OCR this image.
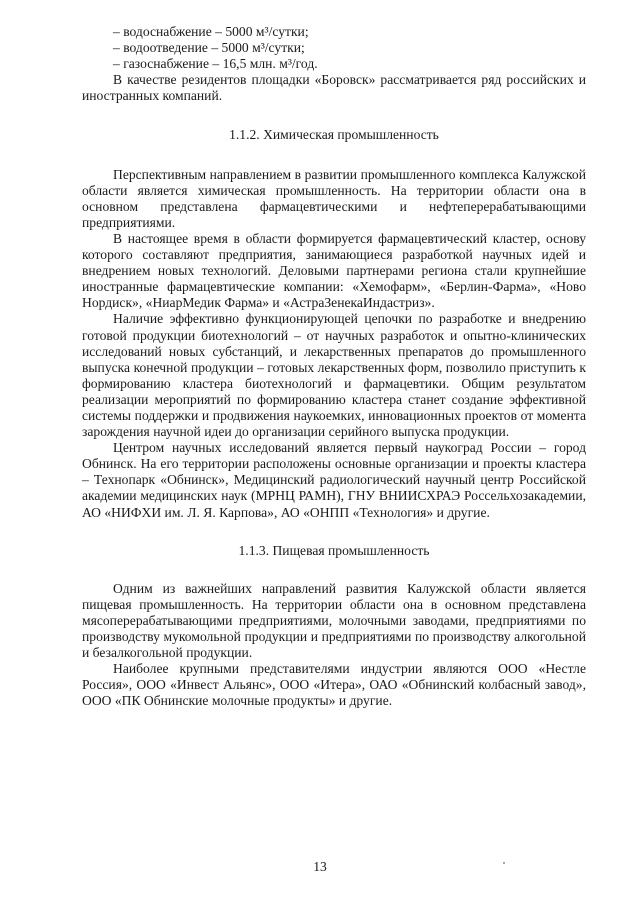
– водоснабжение – 5000 м³/сутки;

– водоотведение – 5000 м³/сутки;

– газоснабжение – 16,5 млн. м³/год.

В качестве резидентов площадки «Боровск» рассматривается ряд российских и иностранных компаний.

1.1.2. Химическая промышленность

Перспективным направлением в развитии промышленного комплекса Калужской области является химическая промышленность. На территории области она в основном представлена фармацевтическими и нефтеперерабатывающими предприятиями.

В настоящее время в области формируется фармацевтический кластер, основу которого составляют предприятия, занимающиеся разработкой научных идей и внедрением новых технологий. Деловыми партнерами региона стали крупнейшие иностранные фармацевтические компании: «Хемофарм», «Берлин-Фарма», «Ново Нордиск», «НиарМедик Фарма» и «АстраЗенекаИндастриз».

Наличие эффективно функционирующей цепочки по разработке и внедрению готовой продукции биотехнологий – от научных разработок и опытно-клинических исследований новых субстанций, и лекарственных препаратов до промышленного выпуска конечной продукции – готовых лекарственных форм, позволило приступить к формированию кластера биотехнологий и фармацевтики. Общим результатом реализации мероприятий по формированию кластера станет создание эффективной системы поддержки и продвижения наукоемких, инновационных проектов от момента зарождения научной идеи до организации серийного выпуска продукции.

Центром научных исследований является первый наукоград России – город Обнинск. На его территории расположены основные организации и проекты кластера – Технопарк «Обнинск», Медицинский радиологический научный центр Российской академии медицинских наук (МРНЦ РАМН), ГНУ ВНИИСХРАЭ Россельхозакадемии, АО «НИФХИ им. Л. Я. Карпова», АО «ОНПП «Технология» и другие.

1.1.3. Пищевая промышленность

Одним из важнейших направлений развития Калужской области является пищевая промышленность. На территории области она в основном представлена мясоперерабатывающими предприятиями, молочными заводами, предприятиями по производству мукомольной продукции и предприятиями по производству алкогольной и безалкогольной продукции.

Наиболее крупными представителями индустрии являются ООО «Нестле Россия», ООО «Инвест Альянс», ООО «Итера», ОАО «Обнинский колбасный завод», ООО «ПК Обнинские молочные продукты» и другие.

13
